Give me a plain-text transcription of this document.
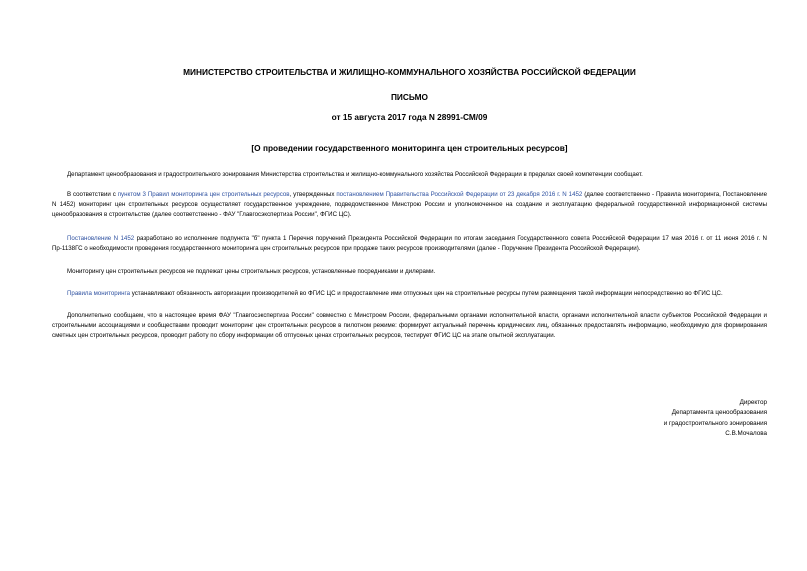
МИНИСТЕРСТВО СТРОИТЕЛЬСТВА И ЖИЛИЩНО-КОММУНАЛЬНОГО ХОЗЯЙСТВА РОССИЙСКОЙ ФЕДЕРАЦИИ
ПИСЬМО
от 15 августа 2017 года N 28991-СМ/09
[О проведении государственного мониторинга цен строительных ресурсов]

Департамент ценообразования и градостроительного зонирования Министерства строительства и жилищно-коммунального хозяйства Российской Федерации в пределах своей компетенции сообщает.

В соответствии с пунктом 3 Правил мониторинга цен строительных ресурсов, утвержденных постановлением Правительства Российской Федерации от 23 декабря 2016 г. N 1452 (далее соответственно - Правила мониторинга, Постановление N 1452) мониторинг цен строительных ресурсов осуществляет государственное учреждение, подведомственное Минстрою России и уполномоченное на создание и эксплуатацию федеральной государственной информационной системы ценообразования в строительстве (далее соответственно - ФАУ "Главгосэкспертиза России", ФГИС ЦС).

Постановление N 1452 разработано во исполнение подпункта "б" пункта 1 Перечня поручений Президента Российской Федерации по итогам заседания Государственного совета Российской Федерации 17 мая 2016 г. от 11 июня 2016 г. N Пр-1138ГС о необходимости проведения государственного мониторинга цен строительных ресурсов при продаже таких ресурсов производителями (далее - Поручение Президента Российской Федерации).

Мониторингу цен строительных ресурсов не подлежат цены строительных ресурсов, установленные посредниками и дилерами.

Правила мониторинга устанавливают обязанность авторизации производителей во ФГИС ЦС и предоставление ими отпускных цен на строительные ресурсы путем размещения такой информации непосредственно во ФГИС ЦС.

Дополнительно сообщаем, что в настоящее время ФАУ "Главгосэкспертиза России" совместно с Минстроем России, федеральными органами исполнительной власти, органами исполнительной власти субъектов Российской Федерации и строительными ассоциациями и сообществами проводит мониторинг цен строительных ресурсов в пилотном режиме: формирует актуальный перечень юридических лиц, обязанных предоставлять информацию, необходимую для формирования сметных цен строительных ресурсов, проводит работу по сбору информации об отпускных ценах строительных ресурсов, тестирует ФГИС ЦС на этапе опытной эксплуатации.

Директор
Департамента ценообразования
и градостроительного зонирования
С.В.Мочалова
